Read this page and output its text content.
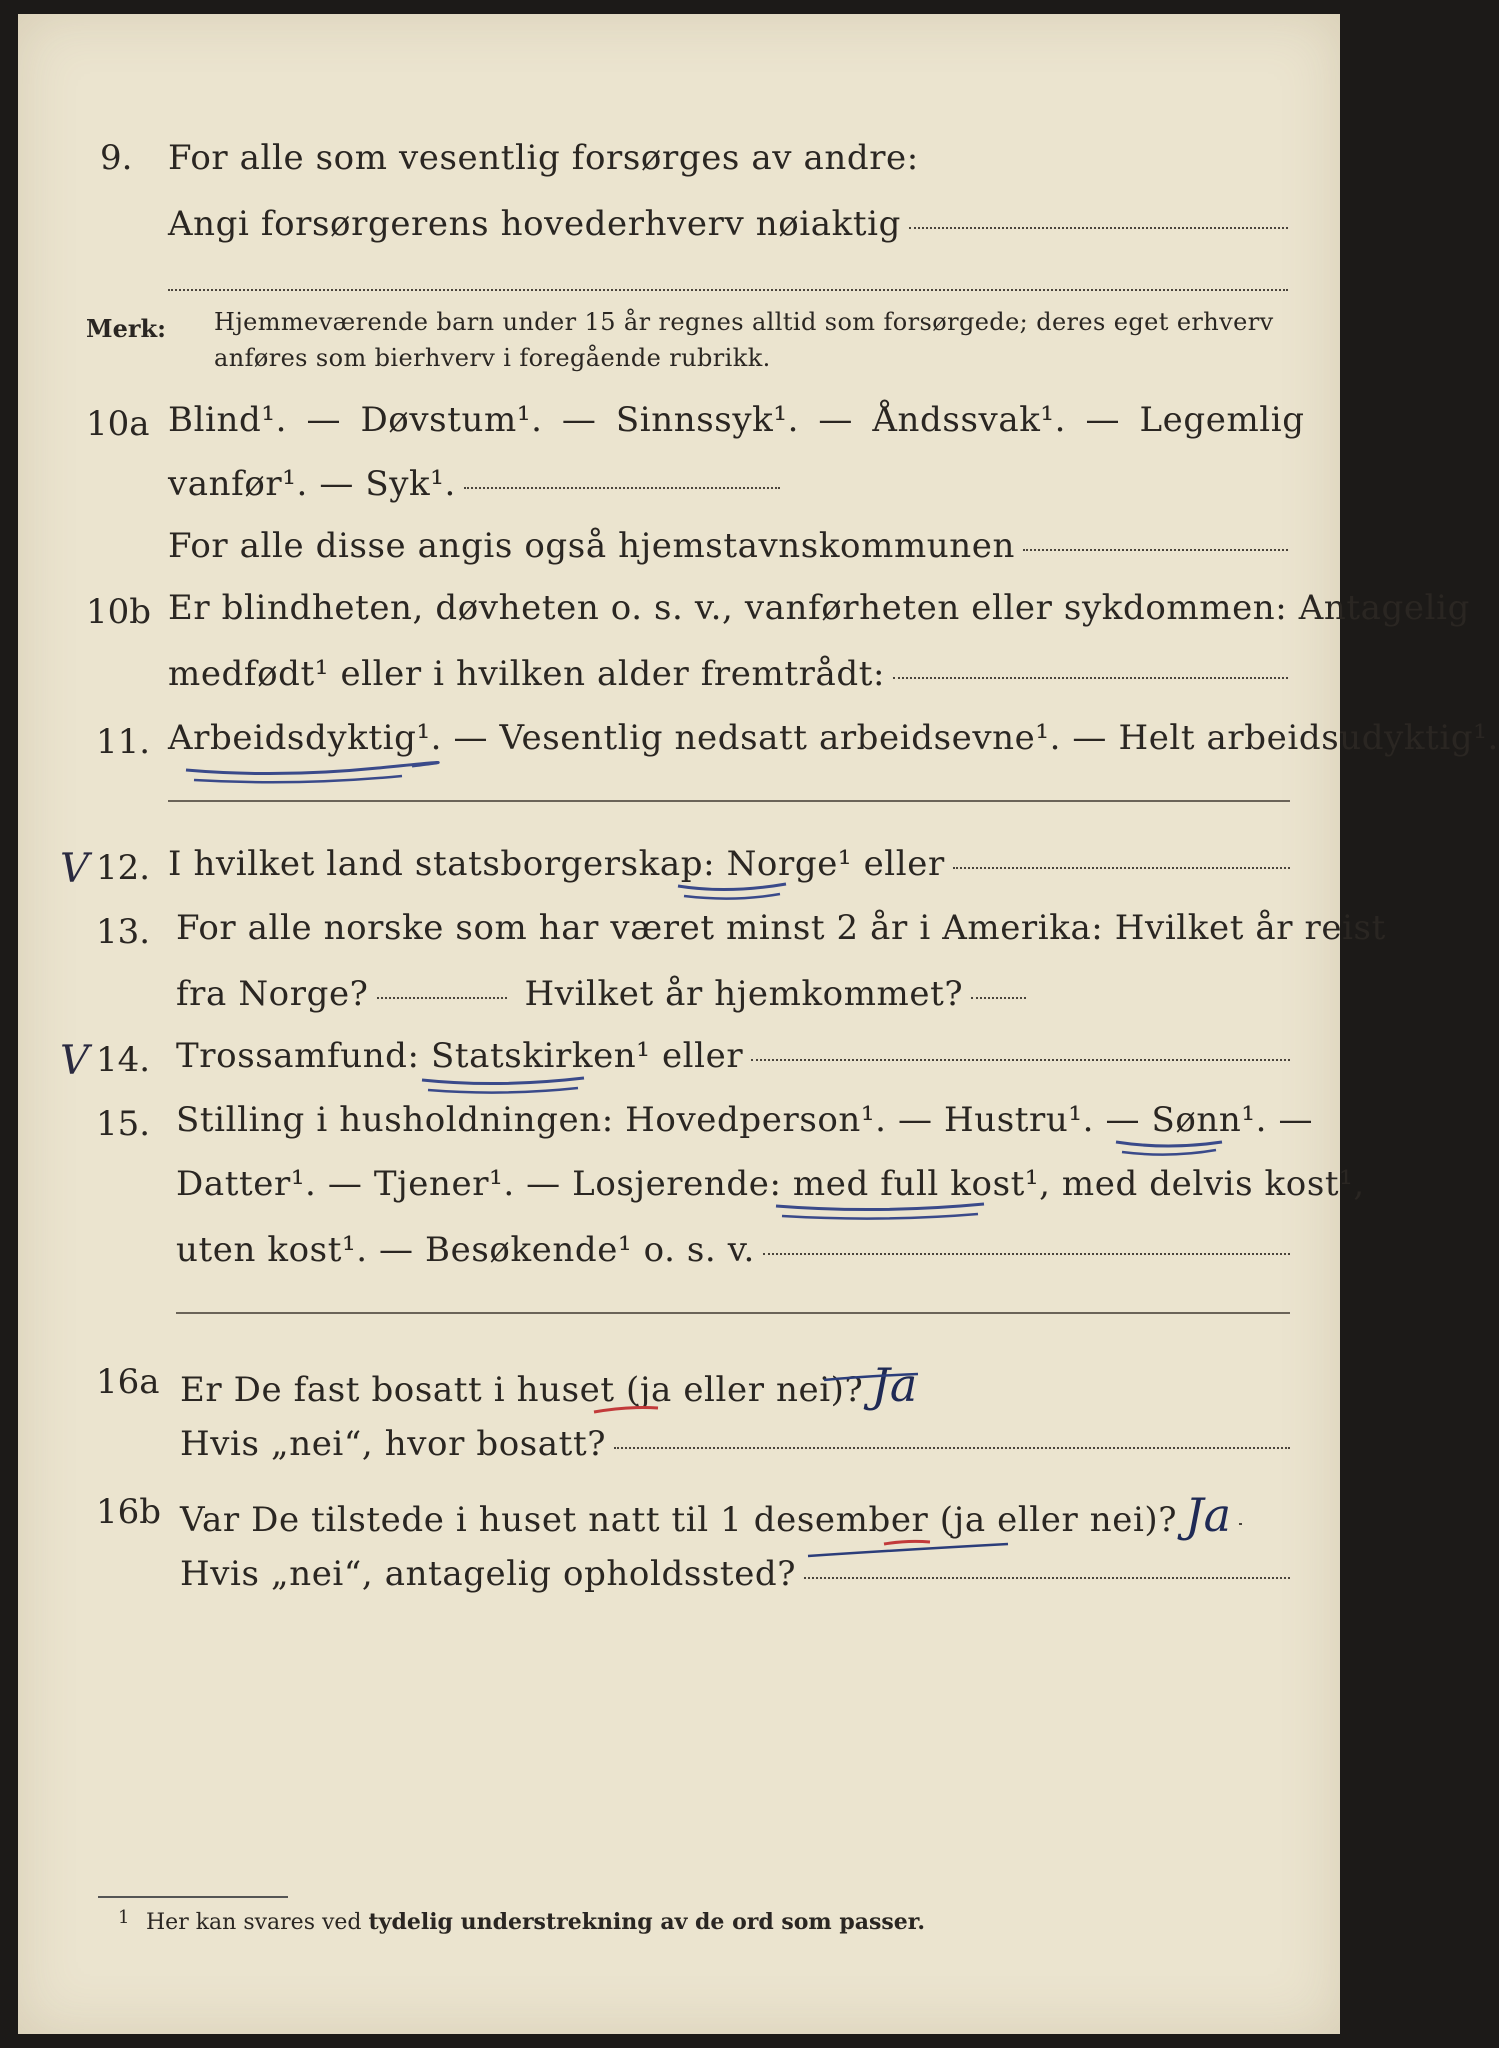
9. For alle som vesentlig forsørges av andre:
Angi forsørgerens hovederhverv nøiaktig
Merk: Hjemmeværende barn under 15 år regnes alltid som forsørgede; deres eget erhverv
anføres som bierhverv i foregående rubrikk.
10a Blind¹. — Døvstum¹. — Sinnssyk¹. — Åndssvak¹. — Legemlig
vanfør¹. — Syk¹.
For alle disse angis også hjemstavnskommunen
10b Er blindheten, døvheten o. s. v., vanførheten eller sykdommen: Antagelig
medfødt¹ eller i hvilken alder fremtrådt:
11. Arbeidsdyktig¹. — Vesentlig nedsatt arbeidsevne¹. — Helt arbeidsudyktig¹.
V 12. I hvilket land statsborgerskap: Norge¹ eller
13. For alle norske som har været minst 2 år i Amerika: Hvilket år reist
fra Norge?	Hvilket år hjemkommet?
V 14. Trossamfund: Statskirken¹ eller
15. Stilling i husholdningen: Hovedperson¹. — Hustru¹. — Sønn¹. —
Datter¹. — Tjener¹. — Losjerende: med full kost¹, med delvis kost¹,
uten kost¹. — Besøkende¹ o. s. v.
16a Er De fast bosatt i huset (ja eller nei)? Ja
Hvis „nei“, hvor bosatt?
16b Var De tilstede i huset natt til 1 desember (ja eller nei)? Ja
Hvis „nei“, antagelig opholdssted?
1 Her kan svares ved tydelig understrekning av de ord som passer.
